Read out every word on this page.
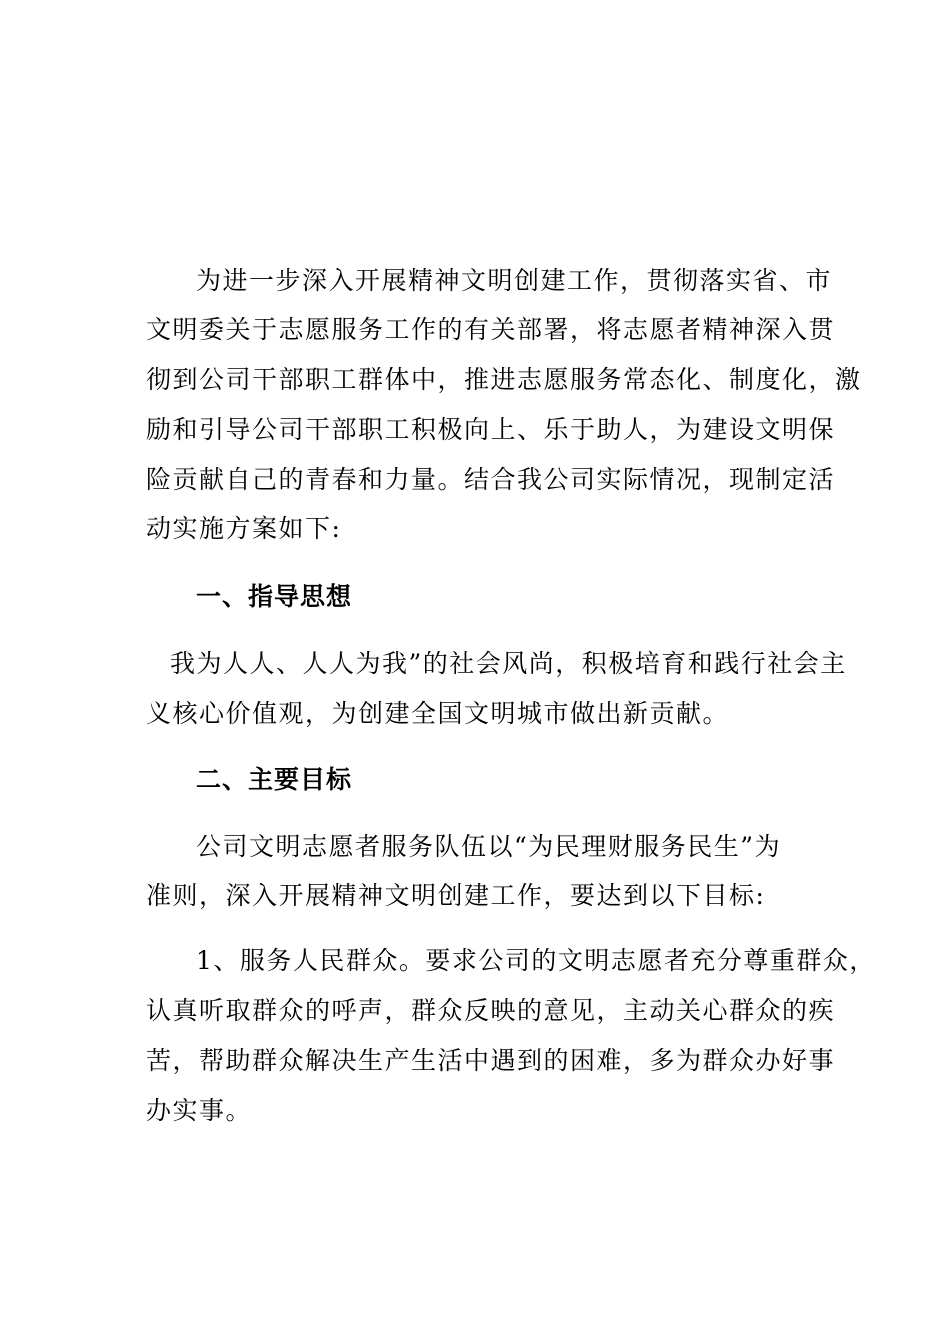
为进一步深入开展精神文明创建工作，贯彻落实省、市
文明委关于志愿服务工作的有关部署，将志愿者精神深入贯
彻到公司干部职工群体中，推进志愿服务常态化、制度化，激
励和引导公司干部职工积极向上、乐于助人，为建设文明保
险贡献自己的青春和力量。结合我公司实际情况，现制定活
动实施方案如下:
一、指导思想
我为人人、人人为我”的社会风尚，积极培育和践行社会主
义核心价值观，为创建全国文明城市做出新贡献。
二、主要目标
公司文明志愿者服务队伍以“为民理财服务民生”为
准则，深入开展精神文明创建工作，要达到以下目标:
1、服务人民群众。要求公司的文明志愿者充分尊重群众，
认真听取群众的呼声，群众反映的意见，主动关心群众的疾
苦，帮助群众解决生产生活中遇到的困难，多为群众办好事
办实事。
